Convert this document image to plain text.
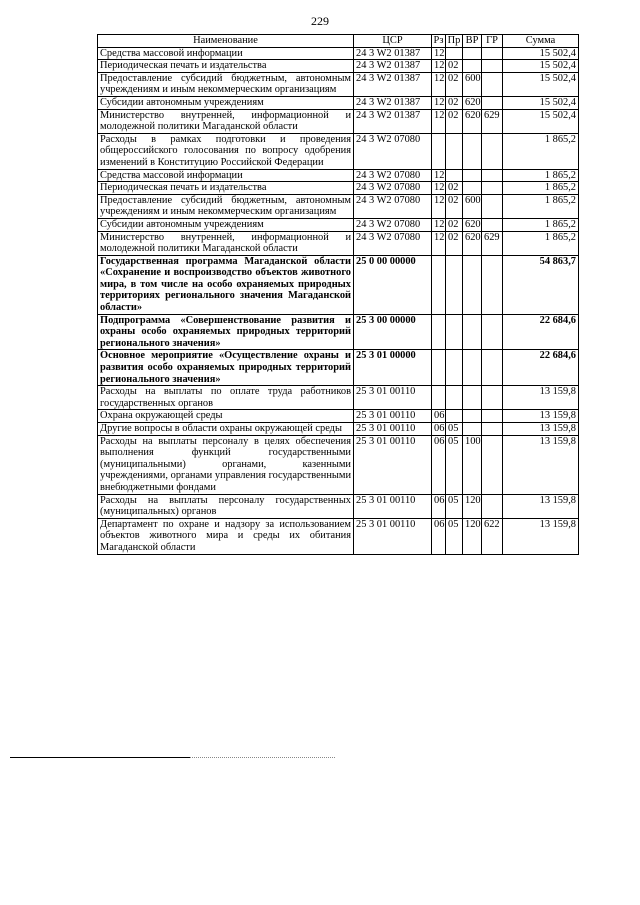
229
Наименование	ЦСР	Рз	Пр	ВР	ГР	Сумма
Средства массовой информации	24 3 W2 01387	12				15 502,4
Периодическая печать и издательства	24 3 W2 01387	12	02			15 502,4
Предоставление субсидий бюджетным, автономным учреждениям и иным некоммерческим организациям	24 3 W2 01387	12	02	600		15 502,4
Субсидии автономным учреждениям	24 3 W2 01387	12	02	620		15 502,4
Министерство внутренней, информационной и молодежной политики Магаданской области	24 3 W2 01387	12	02	620	629	15 502,4
Расходы в рамках подготовки и проведения общероссийского голосования по вопросу одобрения изменений в Конституцию Российской Федерации	24 3 W2 07080					1 865,2
Средства массовой информации	24 3 W2 07080	12				1 865,2
Периодическая печать и издательства	24 3 W2 07080	12	02			1 865,2
Предоставление субсидий бюджетным, автономным учреждениям и иным некоммерческим организациям	24 3 W2 07080	12	02	600		1 865,2
Субсидии автономным учреждениям	24 3 W2 07080	12	02	620		1 865,2
Министерство внутренней, информационной и молодежной политики Магаданской области	24 3 W2 07080	12	02	620	629	1 865,2
Государственная программа Магаданской области «Сохранение и воспроизводство объектов животного мира, в том числе на особо охраняемых природных территориях регионального значения Магаданской области»	25 0 00 00000					54 863,7
Подпрограмма «Совершенствование развития и охраны особо охраняемых природных территорий регионального значения»	25 3 00 00000					22 684,6
Основное мероприятие «Осуществление охраны и развития особо охраняемых природных территорий регионального значения»	25 3 01 00000					22 684,6
Расходы на выплаты по оплате труда работников государственных органов	25 3 01 00110					13 159,8
Охрана окружающей среды	25 3 01 00110	06				13 159,8
Другие вопросы в области охраны окружающей среды	25 3 01 00110	06	05			13 159,8
Расходы на выплаты персоналу в целях обеспечения выполнения функций государственными (муниципальными) органами, казенными учреждениями, органами управления государственными внебюджетными фондами	25 3 01 00110	06	05	100		13 159,8
Расходы на выплаты персоналу государственных (муниципальных) органов	25 3 01 00110	06	05	120		13 159,8
Департамент по охране и надзору за использованием объектов животного мира и среды их обитания Магаданской области	25 3 01 00110	06	05	120	622	13 159,8
